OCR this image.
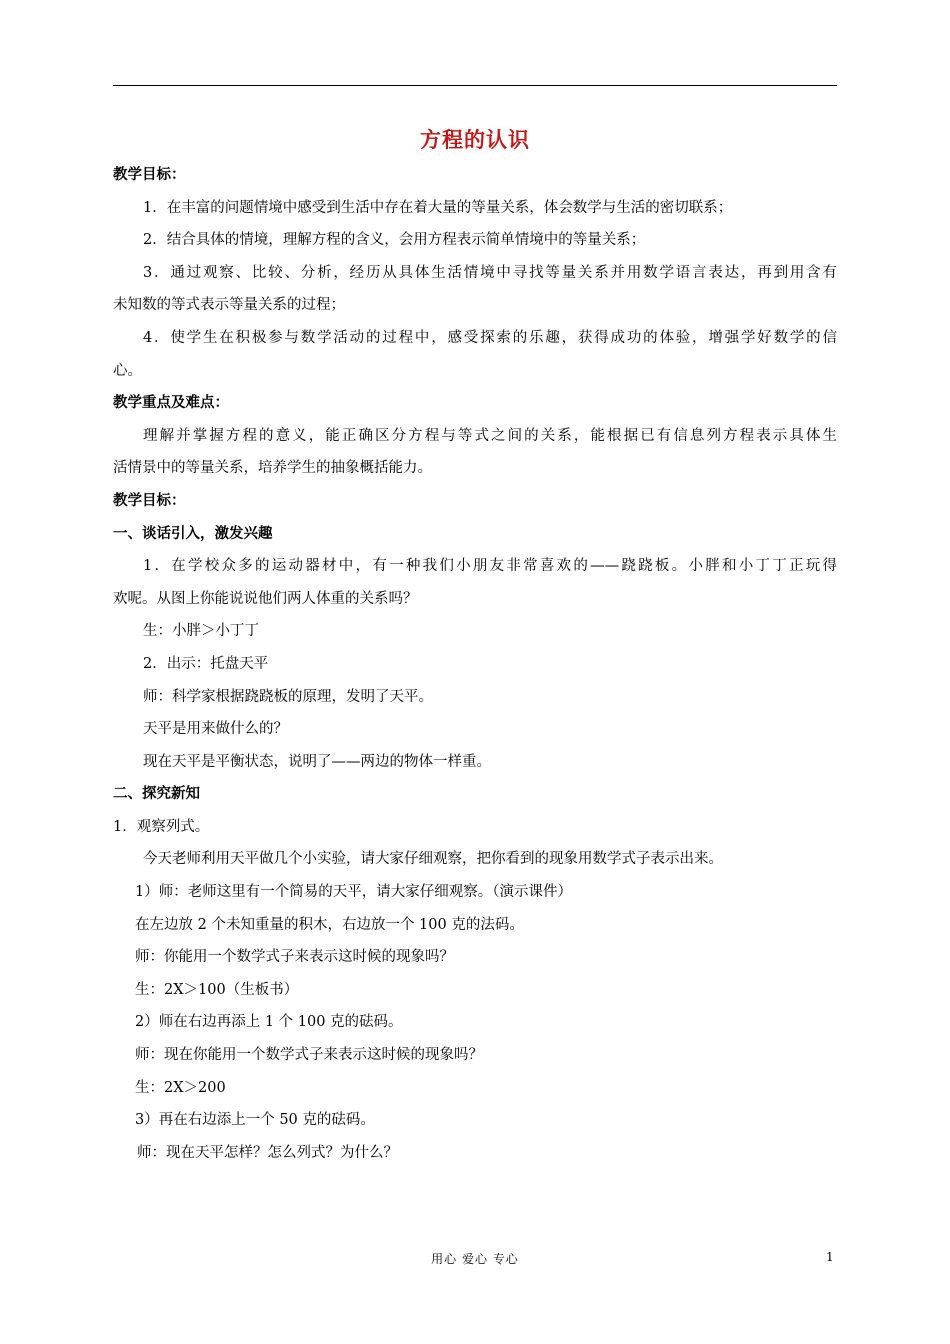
方程的认识
教学目标：
1．在丰富的问题情境中感受到生活中存在着大量的等量关系，体会数学与生活的密切联系；
2．结合具体的情境，理解方程的含义，会用方程表示简单情境中的等量关系；
3．通过观察、比较、分析，经历从具体生活情境中寻找等量关系并用数学语言表达，再到用含有
未知数的等式表示等量关系的过程；
4．使学生在积极参与数学活动的过程中，感受探索的乐趣，获得成功的体验，增强学好数学的信
心。
教学重点及难点：
理解并掌握方程的意义，能正确区分方程与等式之间的关系，能根据已有信息列方程表示具体生
活情景中的等量关系，培养学生的抽象概括能力。
教学目标：
一、谈话引入，激发兴趣
1．在学校众多的运动器材中，有一种我们小朋友非常喜欢的——跷跷板。小胖和小丁丁正玩得
欢呢。从图上你能说说他们两人体重的关系吗？
生：小胖＞小丁丁
2．出示：托盘天平
师：科学家根据跷跷板的原理，发明了天平。
天平是用来做什么的？
现在天平是平衡状态，说明了——两边的物体一样重。
二、探究新知
1．观察列式。
今天老师利用天平做几个小实验，请大家仔细观察，把你看到的现象用数学式子表示出来。
1）师：老师这里有一个简易的天平，请大家仔细观察。（演示课件）
在左边放 2 个未知重量的积木，右边放一个 100 克的法码。
师：你能用一个数学式子来表示这时候的现象吗？
生：2X＞100（生板书）
2）师在右边再添上 1 个 100 克的砝码。
师：现在你能用一个数学式子来表示这时候的现象吗？
生：2X＞200
3）再在右边添上一个 50 克的砝码。
师：现在天平怎样？怎么列式？为什么？
用心 爱心 专心	1
